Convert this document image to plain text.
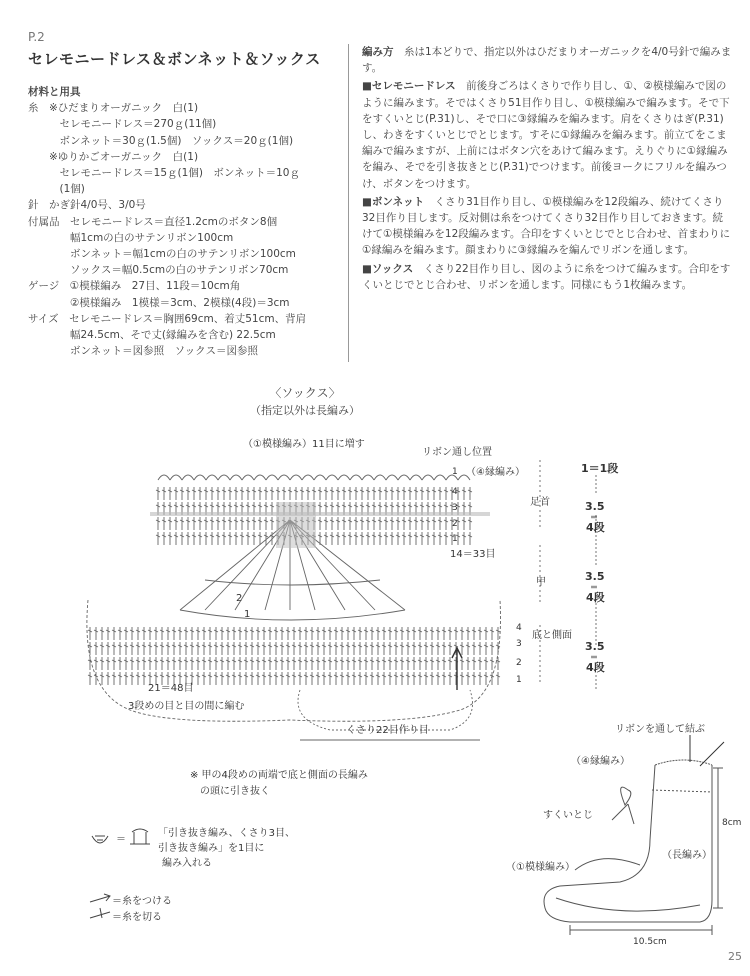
P.2
セレモニードレス＆ボンネット＆ソックス
材料と用具
糸　※ひだまりオーガニック　白(1)
　　　セレモニードレス＝270ｇ(11個)
　　　ボンネット＝30ｇ(1.5個)　ソックス＝20ｇ(1個)
　　※ゆりかごオーガニック　白(1)
　　　セレモニードレス＝15ｇ(1個)　ボンネット＝10ｇ
　　　(1個)
針　かぎ針4/0号、3/0号
付属品　セレモニードレス＝直径1.2cmのボタン8個
　　　　幅1cmの白のサテンリボン100cm
　　　　ボンネット＝幅1cmの白のサテンリボン100cm
　　　　ソックス＝幅0.5cmの白のサテンリボン70cm
ゲージ　①模様編み　27目、11段＝10cm角
　　　　②模様編み　1模様＝3cm、2模様(4段)＝3cm
サイズ　セレモニードレス＝胸囲69cm、着丈51cm、背肩
　　　　幅24.5cm、そで丈(縁編みを含む) 22.5cm
　　　　ボンネット＝図参照　ソックス＝図参照

編み方　 糸は1本どりで、指定以外はひだまりオーガニックを4/0号針で編みます。

■セレモニードレス　 前後身ごろはくさりで作り目し、①、②模様編みで図のように編みます。そではくさり51目作り目し、①模様編みで編みます。そで下をすくいとじ(P.31)し、そで口に③縁編みを編みます。肩をくさりはぎ(P.31)し、わきをすくいとじでとじます。すそに①縁編みを編みます。前立てをこま編みで編みますが、上前にはボタン穴をあけて編みます。えりぐりに①縁編みを編み、そでを引き抜きとじ(P.31)でつけます。前後ヨークにフリルを編みつけ、ボタンをつけます。

■ボンネット　 くさり31目作り目し、①模様編みを12段編み、続けてくさり32目作り目します。反対側は糸をつけてくさり32目作り目しておきます。続けて①模様編みを12段編みます。合印をすくいとじでとじ合わせ、首まわりに①縁編みを編みます。顔まわりに③縁編みを編んでリボンを通します。

■ソックス　 くさり22目作り目し、図のように糸をつけて編みます。合印をすくいとじでとじ合わせ、リボンを通します。同様にもう1枚編みます。

〈ソックス〉
（指定以外は長編み）
（①模様編み）11目に増す
リボン通し位置
（④縁編み）
足首
甲
底と側面
14＝33目
21＝48目
3段めの目と目の間に編む
くさり22目作り目
2
1
1
4
3
2
1
4
3
2
1
1＝1段
3.5
＝
4段
3.5
＝
4段
3.5
＝
4段
※ 甲の4段めの両端で底と側面の長編み
　の頭に引き抜く
＝
「引き抜き編み、くさり3目、
引き抜き編み」を1目に
編み入れる
＝糸をつける
＝糸を切る
リボンを通して結ぶ
（④縁編み）
すくいとじ
（①模様編み）
（長編み）
8cm
10.5cm
25
